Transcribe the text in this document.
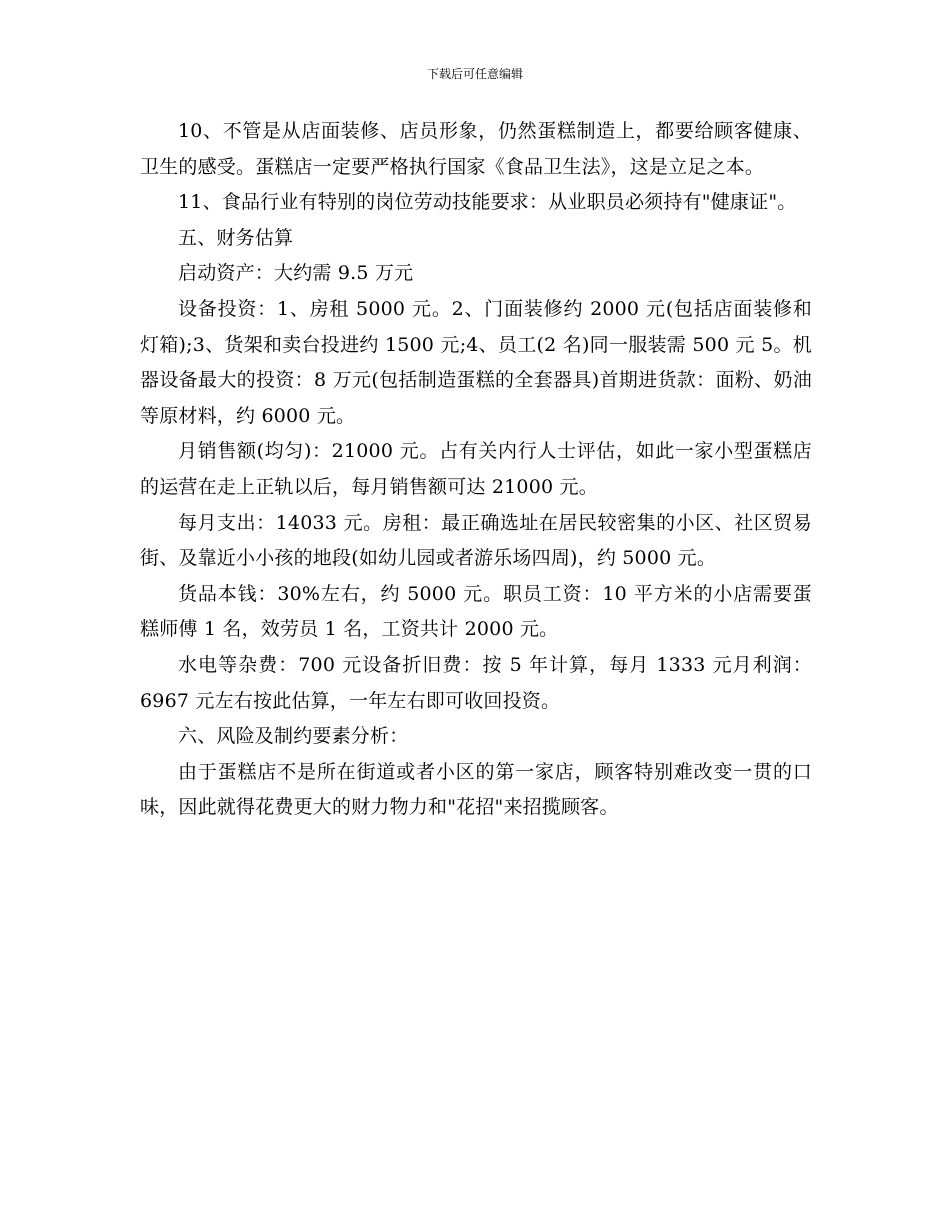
下载后可任意编辑

10、不管是从店面装修、店员形象，仍然蛋糕制造上，都要给顾客健康、卫生的感受。蛋糕店一定要严格执行国家《食品卫生法》，这是立足之本。

11、食品行业有特别的岗位劳动技能要求：从业职员必须持有"健康证"。

五、财务估算

启动资产：大约需 9.5 万元

设备投资：1、房租 5000 元。2、门面装修约 2000 元(包括店面装修和灯箱);3、货架和卖台投进约 1500 元;4、员工(2 名)同一服装需 500 元 5。机器设备最大的投资：8 万元(包括制造蛋糕的全套器具)首期进货款：面粉、奶油等原材料，约 6000 元。

月销售额(均匀)：21000 元。占有关内行人士评估，如此一家小型蛋糕店的运营在走上正轨以后，每月销售额可达 21000 元。

每月支出：14033 元。房租：最正确选址在居民较密集的小区、社区贸易街、及靠近小小孩的地段(如幼儿园或者游乐场四周)，约 5000 元。

货品本钱：30%左右，约 5000 元。职员工资：10 平方米的小店需要蛋糕师傅 1 名，效劳员 1 名，工资共计 2000 元。

水电等杂费：700 元设备折旧费：按 5 年计算，每月 1333 元月利润：6967 元左右按此估算，一年左右即可收回投资。

六、风险及制约要素分析：

由于蛋糕店不是所在街道或者小区的第一家店，顾客特别难改变一贯的口味，因此就得花费更大的财力物力和"花招"来招揽顾客。
